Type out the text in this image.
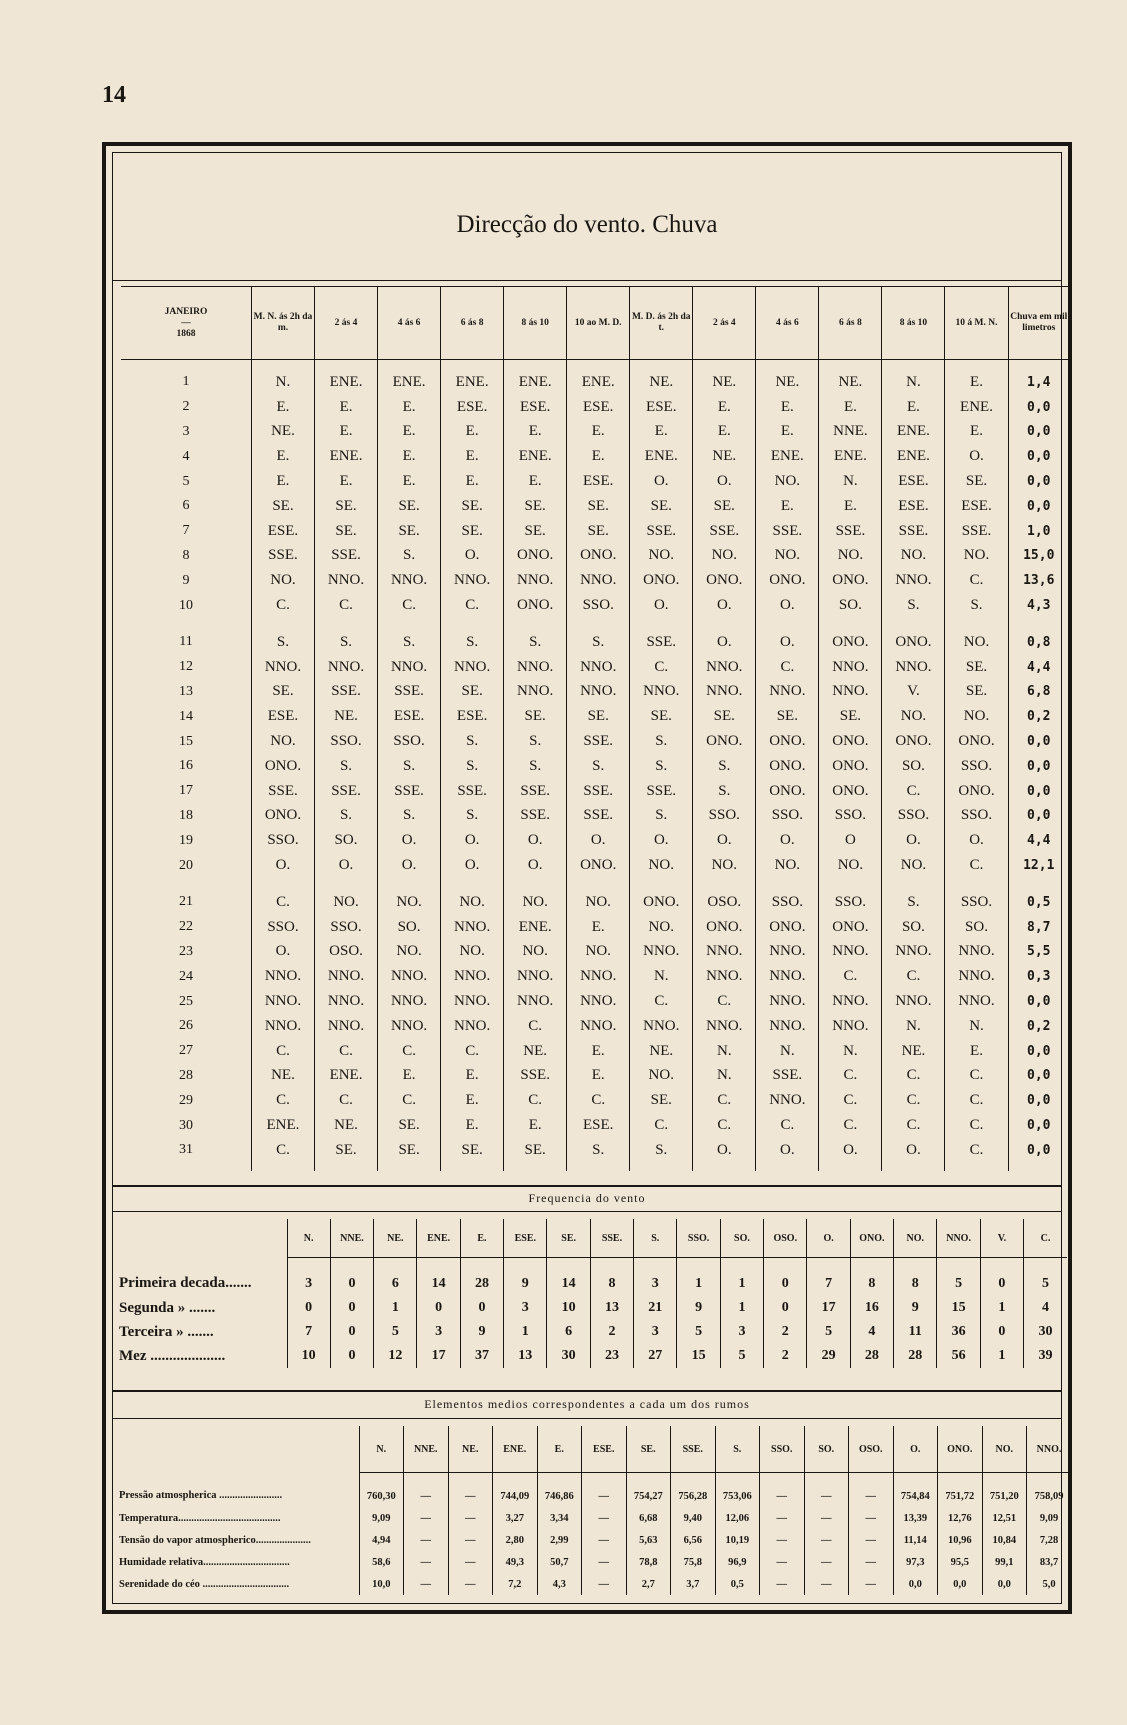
14
Direcção do vento. Chuva
JANEIRO
—
1868	M. N. ás 2h da m.	2 ás 4	4 ás 6	6 ás 8	8 ás 10	10 ao M. D.	M. D. ás 2h da t.	2 ás 4	4 ás 6	6 ás 8	8 ás 10	10 á M. N.	Chuva em mil limetros
1	N.	ENE.	ENE.	ENE.	ENE.	ENE.	NE.	NE.	NE.	NE.	N.	E.	1,4
2	E.	E.	E.	ESE.	ESE.	ESE.	ESE.	E.	E.	E.	E.	ENE.	0,0
3	NE.	E.	E.	E.	E.	E.	E.	E.	E.	NNE.	ENE.	E.	0,0
4	E.	ENE.	E.	E.	ENE.	E.	ENE.	NE.	ENE.	ENE.	ENE.	O.	0,0
5	E.	E.	E.	E.	E.	ESE.	O.	O.	NO.	N.	ESE.	SE.	0,0
6	SE.	SE.	SE.	SE.	SE.	SE.	SE.	SE.	E.	E.	ESE.	ESE.	0,0
7	ESE.	SE.	SE.	SE.	SE.	SE.	SSE.	SSE.	SSE.	SSE.	SSE.	SSE.	1,0
8	SSE.	SSE.	S.	O.	ONO.	ONO.	NO.	NO.	NO.	NO.	NO.	NO.	15,0
9	NO.	NNO.	NNO.	NNO.	NNO.	NNO.	ONO.	ONO.	ONO.	ONO.	NNO.	C.	13,6
10	C.	C.	C.	C.	ONO.	SSO.	O.	O.	O.	SO.	S.	S.	4,3
11	S.	S.	S.	S.	S.	S.	SSE.	O.	O.	ONO.	ONO.	NO.	0,8
12	NNO.	NNO.	NNO.	NNO.	NNO.	NNO.	C.	NNO.	C.	NNO.	NNO.	SE.	4,4
13	SE.	SSE.	SSE.	SE.	NNO.	NNO.	NNO.	NNO.	NNO.	NNO.	V.	SE.	6,8
14	ESE.	NE.	ESE.	ESE.	SE.	SE.	SE.	SE.	SE.	SE.	NO.	NO.	0,2
15	NO.	SSO.	SSO.	S.	S.	SSE.	S.	ONO.	ONO.	ONO.	ONO.	ONO.	0,0
16	ONO.	S.	S.	S.	S.	S.	S.	S.	ONO.	ONO.	SO.	SSO.	0,0
17	SSE.	SSE.	SSE.	SSE.	SSE.	SSE.	SSE.	S.	ONO.	ONO.	C.	ONO.	0,0
18	ONO.	S.	S.	S.	SSE.	SSE.	S.	SSO.	SSO.	SSO.	SSO.	SSO.	0,0
19	SSO.	SO.	O.	O.	O.	O.	O.	O.	O.	O	O.	O.	4,4
20	O.	O.	O.	O.	O.	ONO.	NO.	NO.	NO.	NO.	NO.	C.	12,1
21	C.	NO.	NO.	NO.	NO.	NO.	ONO.	OSO.	SSO.	SSO.	S.	SSO.	0,5
22	SSO.	SSO.	SO.	NNO.	ENE.	E.	NO.	ONO.	ONO.	ONO.	SO.	SO.	8,7
23	O.	OSO.	NO.	NO.	NO.	NO.	NNO.	NNO.	NNO.	NNO.	NNO.	NNO.	5,5
24	NNO.	NNO.	NNO.	NNO.	NNO.	NNO.	N.	NNO.	NNO.	C.	C.	NNO.	0,3
25	NNO.	NNO.	NNO.	NNO.	NNO.	NNO.	C.	C.	NNO.	NNO.	NNO.	NNO.	0,0
26	NNO.	NNO.	NNO.	NNO.	C.	NNO.	NNO.	NNO.	NNO.	NNO.	N.	N.	0,2
27	C.	C.	C.	C.	NE.	E.	NE.	N.	N.	N.	NE.	E.	0,0
28	NE.	ENE.	E.	E.	SSE.	E.	NO.	N.	SSE.	C.	C.	C.	0,0
29	C.	C.	C.	E.	C.	C.	SE.	C.	NNO.	C.	C.	C.	0,0
30	ENE.	NE.	SE.	E.	E.	ESE.	C.	C.	C.	C.	C.	C.	0,0
31	C.	SE.	SE.	SE.	SE.	S.	S.	O.	O.	O.	O.	C.	0,0
Frequencia do vento
	N.	NNE.	NE.	ENE.	E.	ESE.	SE.	SSE.	S.	SSO.	SO.	OSO.	O.	ONO.	NO.	NNO.	V.	C.
Primeira decada.......	3	0	6	14	28	9	14	8	3	1	1	0	7	8	8	5	0	5
Segunda » .......	0	0	1	0	0	3	10	13	21	9	1	0	17	16	9	15	1	4
Terceira » .......	7	0	5	3	9	1	6	2	3	5	3	2	5	4	11	36	0	30
Mez ....................	10	0	12	17	37	13	30	23	27	15	5	2	29	28	28	56	1	39
Elementos medios correspondentes a cada um dos rumos
	N.	NNE.	NE.	ENE.	E.	ESE.	SE.	SSE.	S.	SSO.	SO.	OSO.	O.	ONO.	NO.	NNO.
Pressão atmospherica ........................	760,30	—	—	744,09	746,86	—	754,27	756,28	753,06	—	—	—	754,84	751,72	751,20	758,09
Temperatura.......................................	9,09	—	—	3,27	3,34	—	6,68	9,40	12,06	—	—	—	13,39	12,76	12,51	9,09
Tensão do vapor atmospherico.....................	4,94	—	—	2,80	2,99	—	5,63	6,56	10,19	—	—	—	11,14	10,96	10,84	7,28
Humidade relativa.................................	58,6	—	—	49,3	50,7	—	78,8	75,8	96,9	—	—	—	97,3	95,5	99,1	83,7
Serenidade do céo .................................	10,0	—	—	7,2	4,3	—	2,7	3,7	0,5	—	—	—	0,0	0,0	0,0	5,0
